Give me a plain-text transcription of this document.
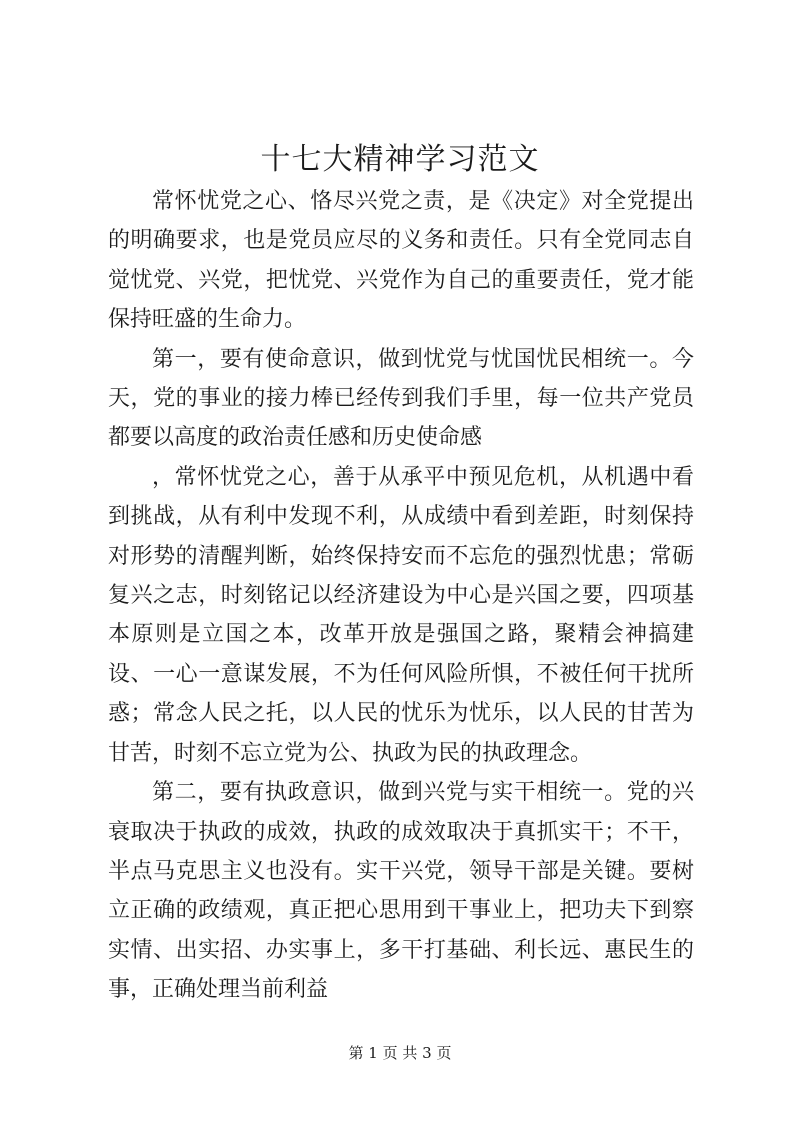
十七大精神学习范文

常怀忧党之心、恪尽兴党之责，是《决定》对全党提出的明确要求，也是党员应尽的义务和责任。只有全党同志自觉忧党、兴党，把忧党、兴党作为自己的重要责任，党才能保持旺盛的生命力。

第一，要有使命意识，做到忧党与忧国忧民相统一。今天，党的事业的接力棒已经传到我们手里，每一位共产党员都要以高度的政治责任感和历史使命感

，常怀忧党之心，善于从承平中预见危机，从机遇中看到挑战，从有利中发现不利，从成绩中看到差距，时刻保持对形势的清醒判断，始终保持安而不忘危的强烈忧患；常砺复兴之志，时刻铭记以经济建设为中心是兴国之要，四项基本原则是立国之本，改革开放是强国之路，聚精会神搞建设、一心一意谋发展，不为任何风险所惧，不被任何干扰所惑；常念人民之托，以人民的忧乐为忧乐，以人民的甘苦为甘苦，时刻不忘立党为公、执政为民的执政理念。

第二，要有执政意识，做到兴党与实干相统一。党的兴衰取决于执政的成效，执政的成效取决于真抓实干；不干，半点马克思主义也没有。实干兴党，领导干部是关键。要树立正确的政绩观，真正把心思用到干事业上，把功夫下到察实情、出实招、办实事上，多干打基础、利长远、惠民生的事，正确处理当前利益

第 1 页 共 3 页
